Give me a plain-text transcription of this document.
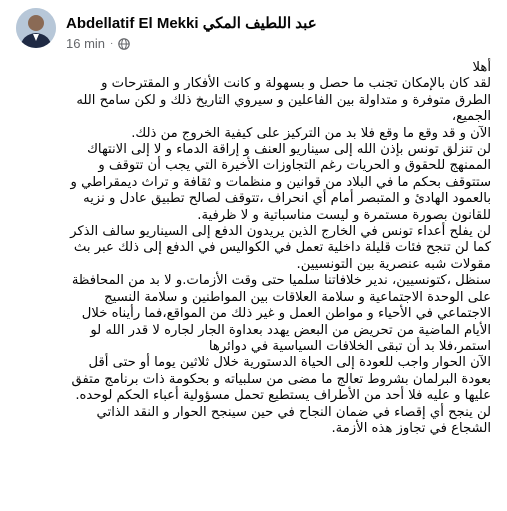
Abdellatif El Mekki عبد اللطيف المكي
16 min ·
أهلا
لقد كان بالإمكان تجنب ما حصل و بسهولة و كانت الأفكار و المقترحات و
الطرق متوفرة و متداولة بين الفاعلين و سيروي التاريخ ذلك و لكن سامح الله
الجميع،
الآن و قد وقع ما وقع فلا بد من التركيز على كيفية الخروج من ذلك.
لن تنزلق تونس بإذن الله إلى سيناريو العنف و إراقة الدماء و لا إلى الانتهاك
الممنهج للحقوق و الحريات رغم التجاوزات الأخيرة التي يجب أن تتوقف و
ستتوقف بحكم ما في البلاد من قوانين و منظمات و ثقافة و تراث ديمقراطي و
بالعمود الهادئ و المتبصر أمام أي انحراف ،تتوقف لصالح تطبيق عادل و نزيه
للقانون بصورة مستمرة و ليست مناسباتية و لا ظرفية.
لن يفلح أعداء تونس في الخارج الذين يريدون الدفع إلى السيناريو سالف الذكر
كما لن تنجح فئات قليلة داخلية تعمل في الكواليس في الدفع إلى ذلك عبر بث
مقولات شبه عنصرية بين التونسيين.
سنظل ،كتونسيين، ندير خلافاتنا سلميا حتى وقت الأزمات.و لا بد من المحافظة
على الوحدة الاجتماعية و سلامة العلاقات بين المواطنين و سلامة النسيج
الاجتماعي في الأحياء و مواطن العمل و غير ذلك من المواقع،فما رأيناه خلال
الأيام الماضية من تحريض من البعض يهدد بعداوة الجار لجاره لا قدر الله لو
استمر،فلا بد أن تبقى الخلافات السياسية في دوائرها
الآن الحوار واجب للعودة إلى الحياة الدستورية خلال ثلاثين يوما أو حتى أقل
بعودة البرلمان بشروط تعالج ما مضى من سلبياته و بحكومة ذات برنامج متفق
عليها و عليه فلا أحد من الأطراف يستطيع تحمل مسؤولية أعباء الحكم لوحده.
لن ينجح أي إقصاء في ضمان النجاح في حين سينجح الحوار و النقد الذاتي
الشجاع في تجاوز هذه الأزمة.
